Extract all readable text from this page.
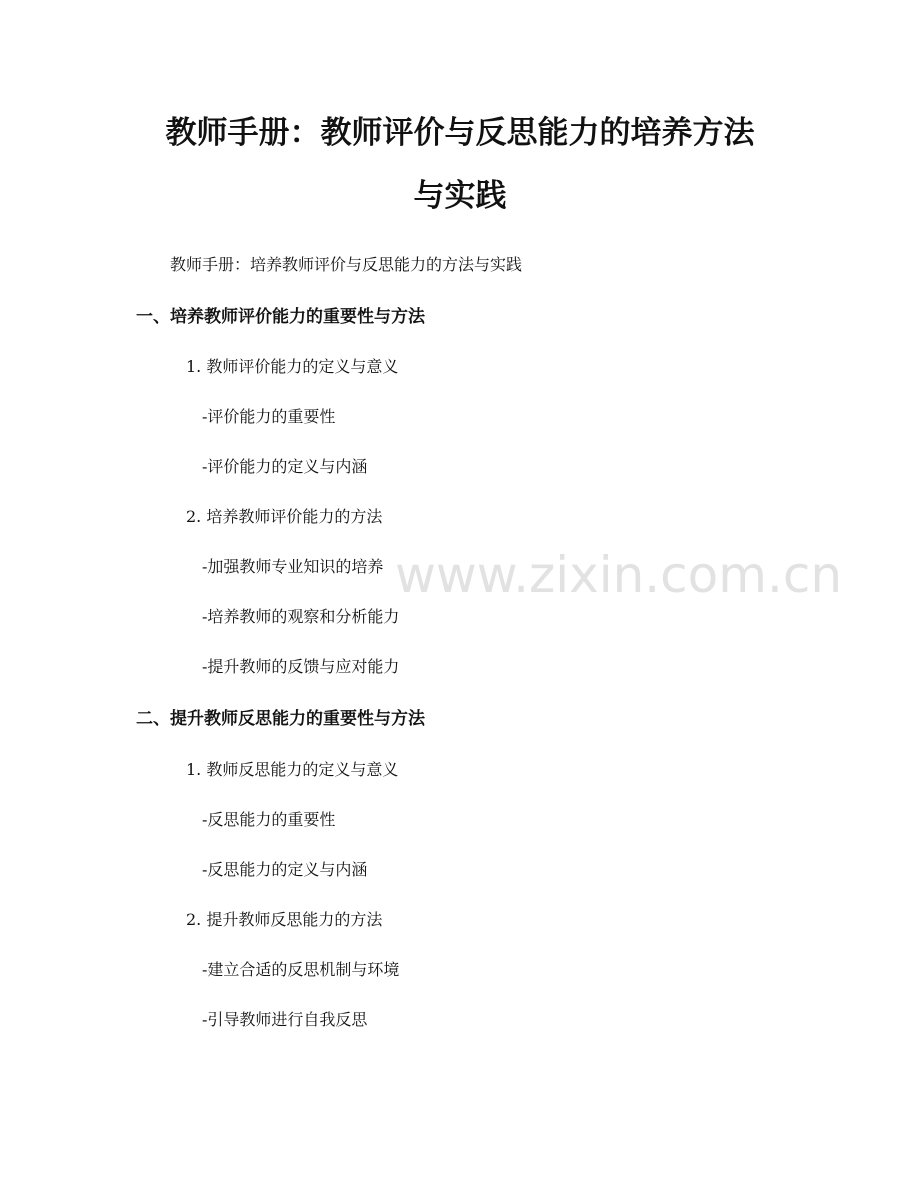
教师手册：教师评价与反思能力的培养方法
与实践
教师手册：培养教师评价与反思能力的方法与实践
一、培养教师评价能力的重要性与方法
1. 教师评价能力的定义与意义
-评价能力的重要性
-评价能力的定义与内涵
2. 培养教师评价能力的方法
-加强教师专业知识的培养
-培养教师的观察和分析能力
-提升教师的反馈与应对能力
二、提升教师反思能力的重要性与方法
1. 教师反思能力的定义与意义
-反思能力的重要性
-反思能力的定义与内涵
2. 提升教师反思能力的方法
-建立合适的反思机制与环境
-引导教师进行自我反思
www.zixin.com.cn
